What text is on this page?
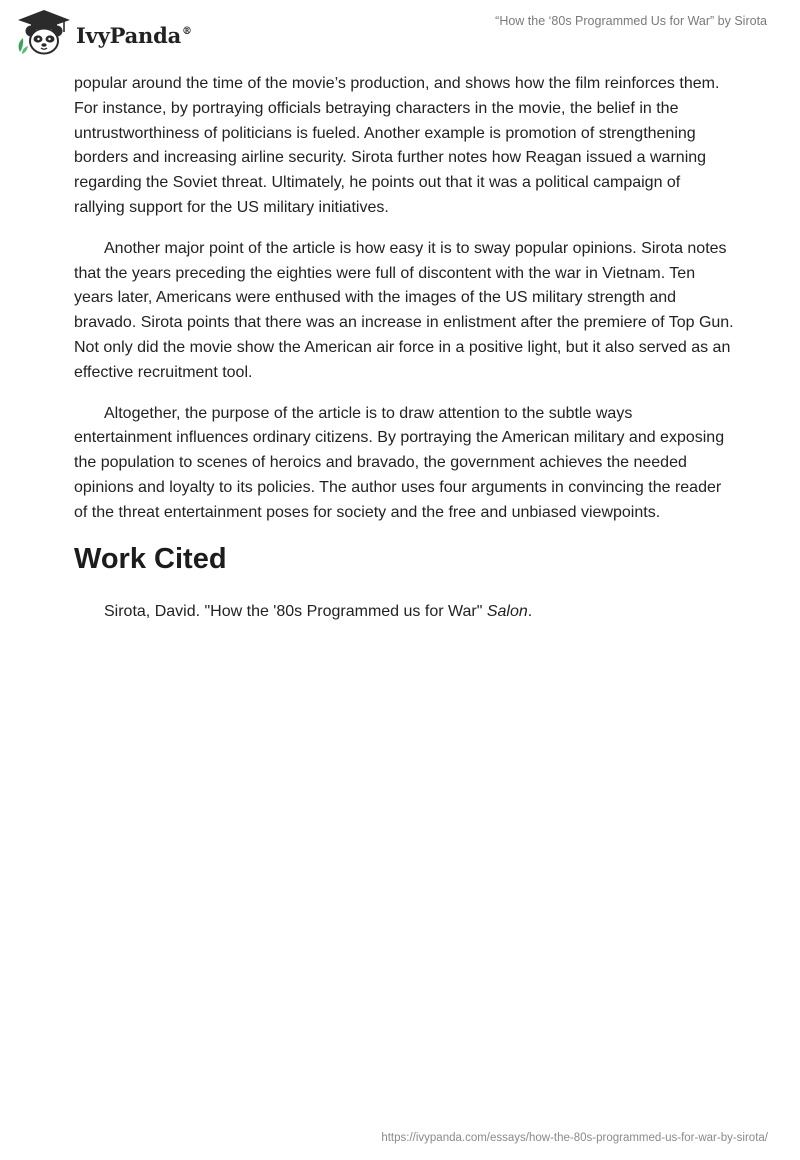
IvyPanda®
“How the ‘80s Programmed Us for War” by Sirota

popular around the time of the movie’s production, and shows how the film reinforces them. For instance, by portraying officials betraying characters in the movie, the belief in the untrustworthiness of politicians is fueled. Another example is promotion of strengthening borders and increasing airline security. Sirota further notes how Reagan issued a warning regarding the Soviet threat. Ultimately, he points out that it was a political campaign of rallying support for the US military initiatives.

Another major point of the article is how easy it is to sway popular opinions. Sirota notes that the years preceding the eighties were full of discontent with the war in Vietnam. Ten years later, Americans were enthused with the images of the US military strength and bravado. Sirota points that there was an increase in enlistment after the premiere of Top Gun. Not only did the movie show the American air force in a positive light, but it also served as an effective recruitment tool.

Altogether, the purpose of the article is to draw attention to the subtle ways entertainment influences ordinary citizens. By portraying the American military and exposing the population to scenes of heroics and bravado, the government achieves the needed opinions and loyalty to its policies. The author uses four arguments in convincing the reader of the threat entertainment poses for society and the free and unbiased viewpoints.

Work Cited
Sirota, David. "How the '80s Programmed us for War" Salon.
https://ivypanda.com/essays/how-the-80s-programmed-us-for-war-by-sirota/
